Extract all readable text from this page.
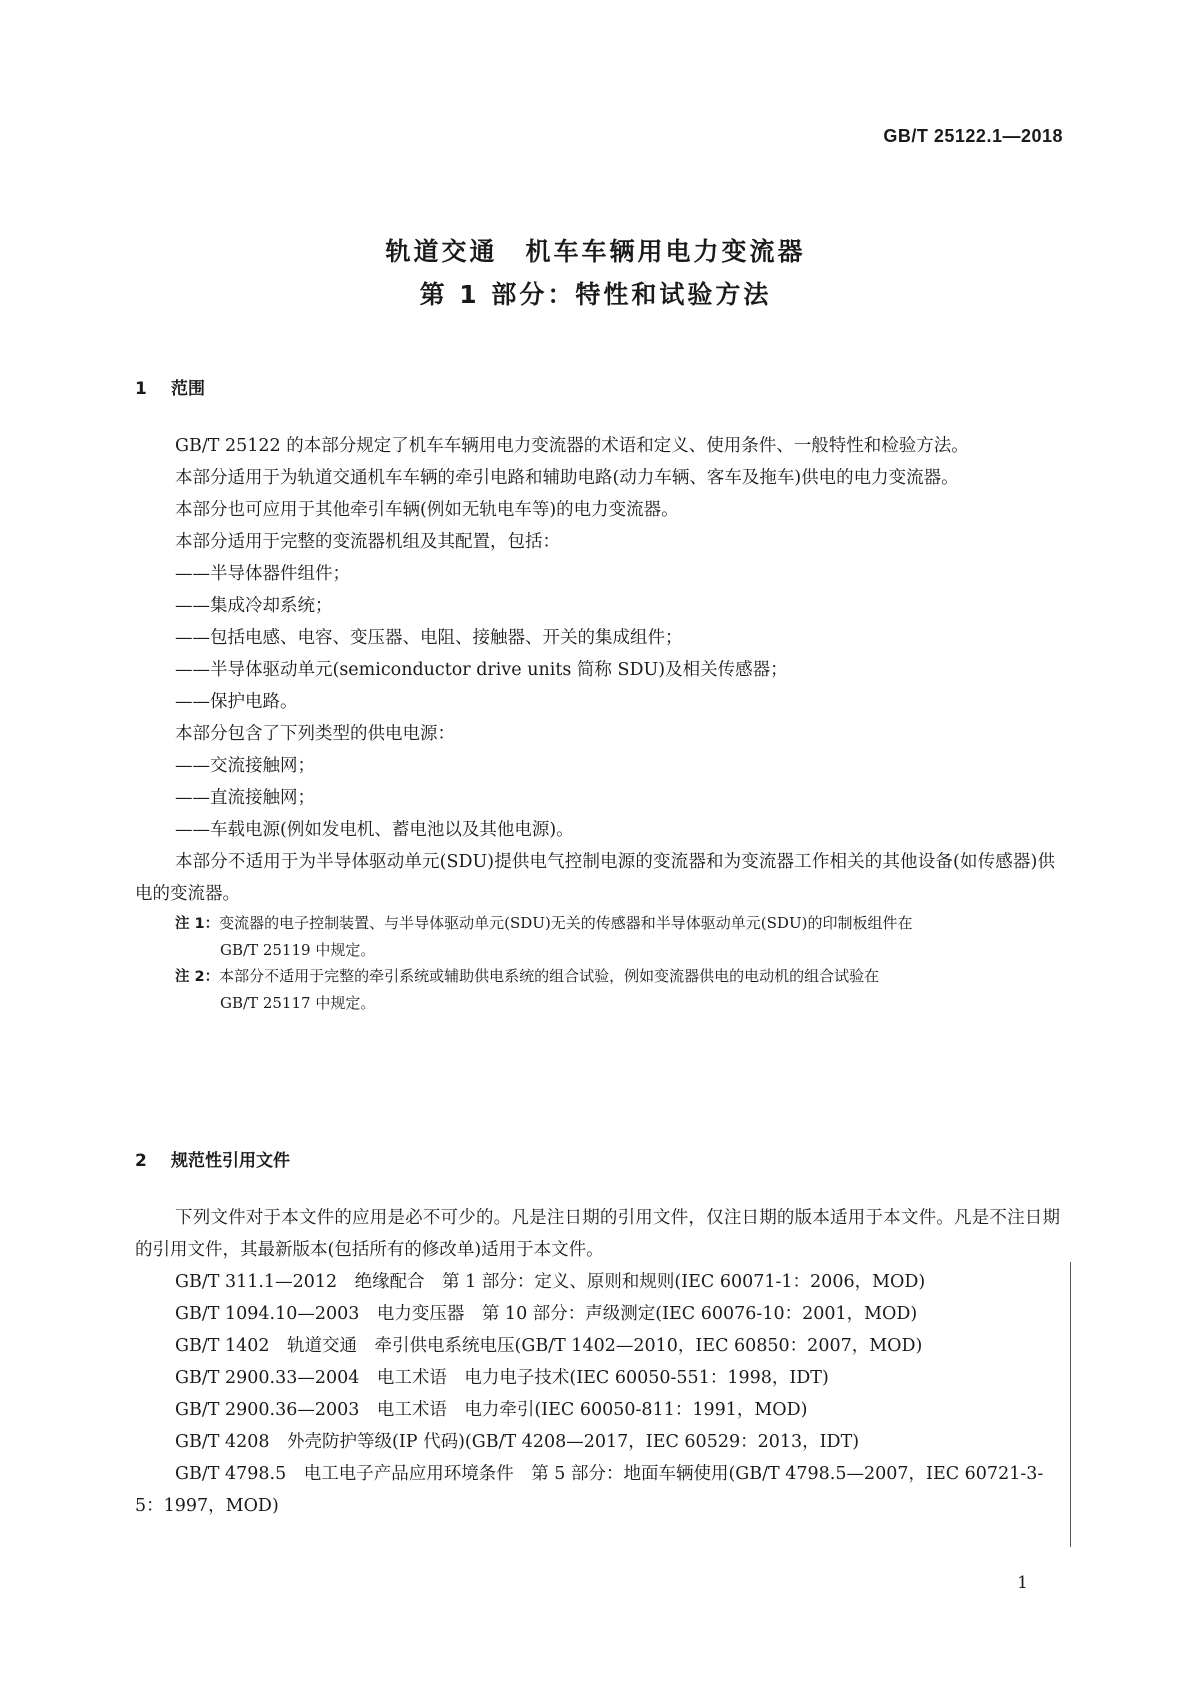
GB/T 25122.1—2018
轨道交通　机车车辆用电力变流器
第 1 部分：特性和试验方法
1 范围

GB/T 25122 的本部分规定了机车车辆用电力变流器的术语和定义、使用条件、一般特性和检验方法。

本部分适用于为轨道交通机车车辆的牵引电路和辅助电路(动力车辆、客车及拖车)供电的电力变流器。

本部分也可应用于其他牵引车辆(例如无轨电车等)的电力变流器。

本部分适用于完整的变流器机组及其配置，包括：

——半导体器件组件；

——集成冷却系统；

——包括电感、电容、变压器、电阻、接触器、开关的集成组件；

——半导体驱动单元(semiconductor drive units 简称 SDU)及相关传感器；

——保护电路。

本部分包含了下列类型的供电电源：

——交流接触网；

——直流接触网；

——车载电源(例如发电机、蓄电池以及其他电源)。

本部分不适用于为半导体驱动单元(SDU)提供电气控制电源的变流器和为变流器工作相关的其他设备(如传感器)供电的变流器。

注 1：变流器的电子控制装置、与半导体驱动单元(SDU)无关的传感器和半导体驱动单元(SDU)的印制板组件在
GB/T 25119 中规定。

注 2：本部分不适用于完整的牵引系统或辅助供电系统的组合试验，例如变流器供电的电动机的组合试验在
GB/T 25117 中规定。

2 规范性引用文件

下列文件对于本文件的应用是必不可少的。凡是注日期的引用文件，仅注日期的版本适用于本文件。凡是不注日期的引用文件，其最新版本(包括所有的修改单)适用于本文件。

GB/T 311.1—2012　绝缘配合　第 1 部分：定义、原则和规则(IEC 60071-1：2006，MOD)

GB/T 1094.10—2003　电力变压器　第 10 部分：声级测定(IEC 60076-10：2001，MOD)

GB/T 1402　轨道交通　牵引供电系统电压(GB/T 1402—2010，IEC 60850：2007，MOD)

GB/T 2900.33—2004　电工术语　电力电子技术(IEC 60050-551：1998，IDT)

GB/T 2900.36—2003　电工术语　电力牵引(IEC 60050-811：1991，MOD)

GB/T 4208　外壳防护等级(IP 代码)(GB/T 4208—2017，IEC 60529：2013，IDT)

GB/T 4798.5　电工电子产品应用环境条件　第 5 部分：地面车辆使用(GB/T 4798.5—2007，IEC 60721-3-5：1997，MOD)

1
